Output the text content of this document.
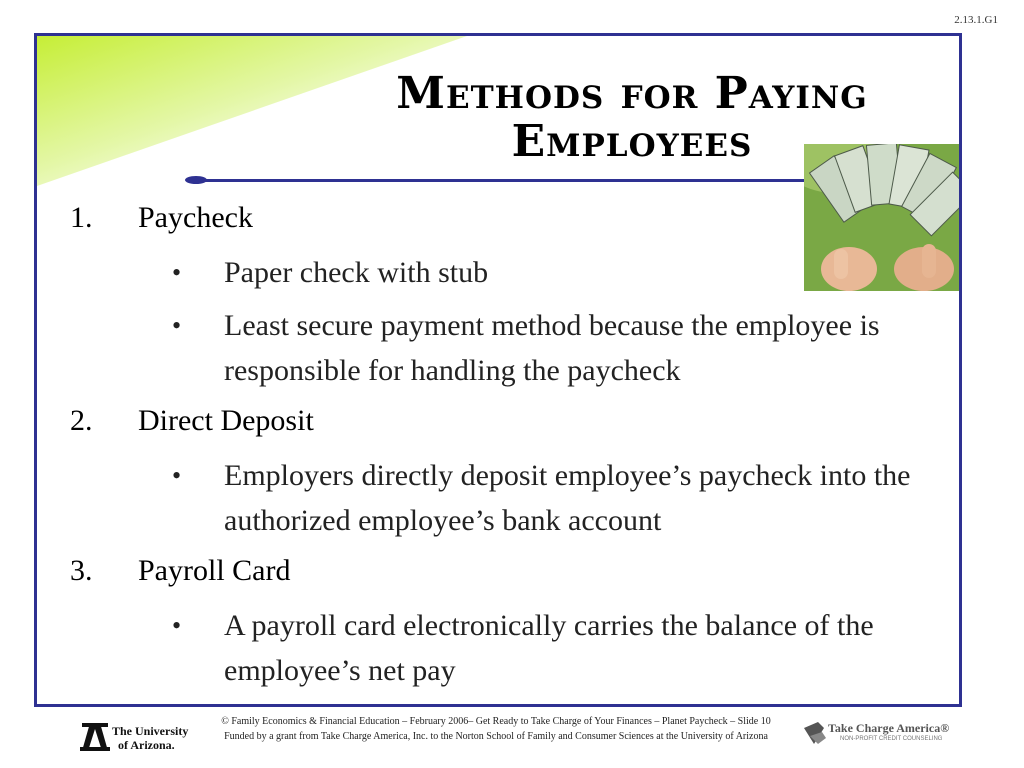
2.13.1.G1
Methods for Paying
Employees
1. Paycheck
• Paper check with stub
• Least secure payment method because the employee is responsible for handling the paycheck
2. Direct Deposit
• Employers directly deposit employee’s paycheck into the authorized employee’s bank account
3. Payroll Card
• A payroll card electronically carries the balance of the employee’s net pay
The University
of Arizona.
© Family Economics & Financial Education – February 2006– Get Ready to Take Charge of Your Finances – Planet Paycheck – Slide 10
Funded by a grant from Take Charge America, Inc. to the Norton School of Family and Consumer Sciences at the University of Arizona
Take Charge America®
NON-PROFIT CREDIT COUNSELING
